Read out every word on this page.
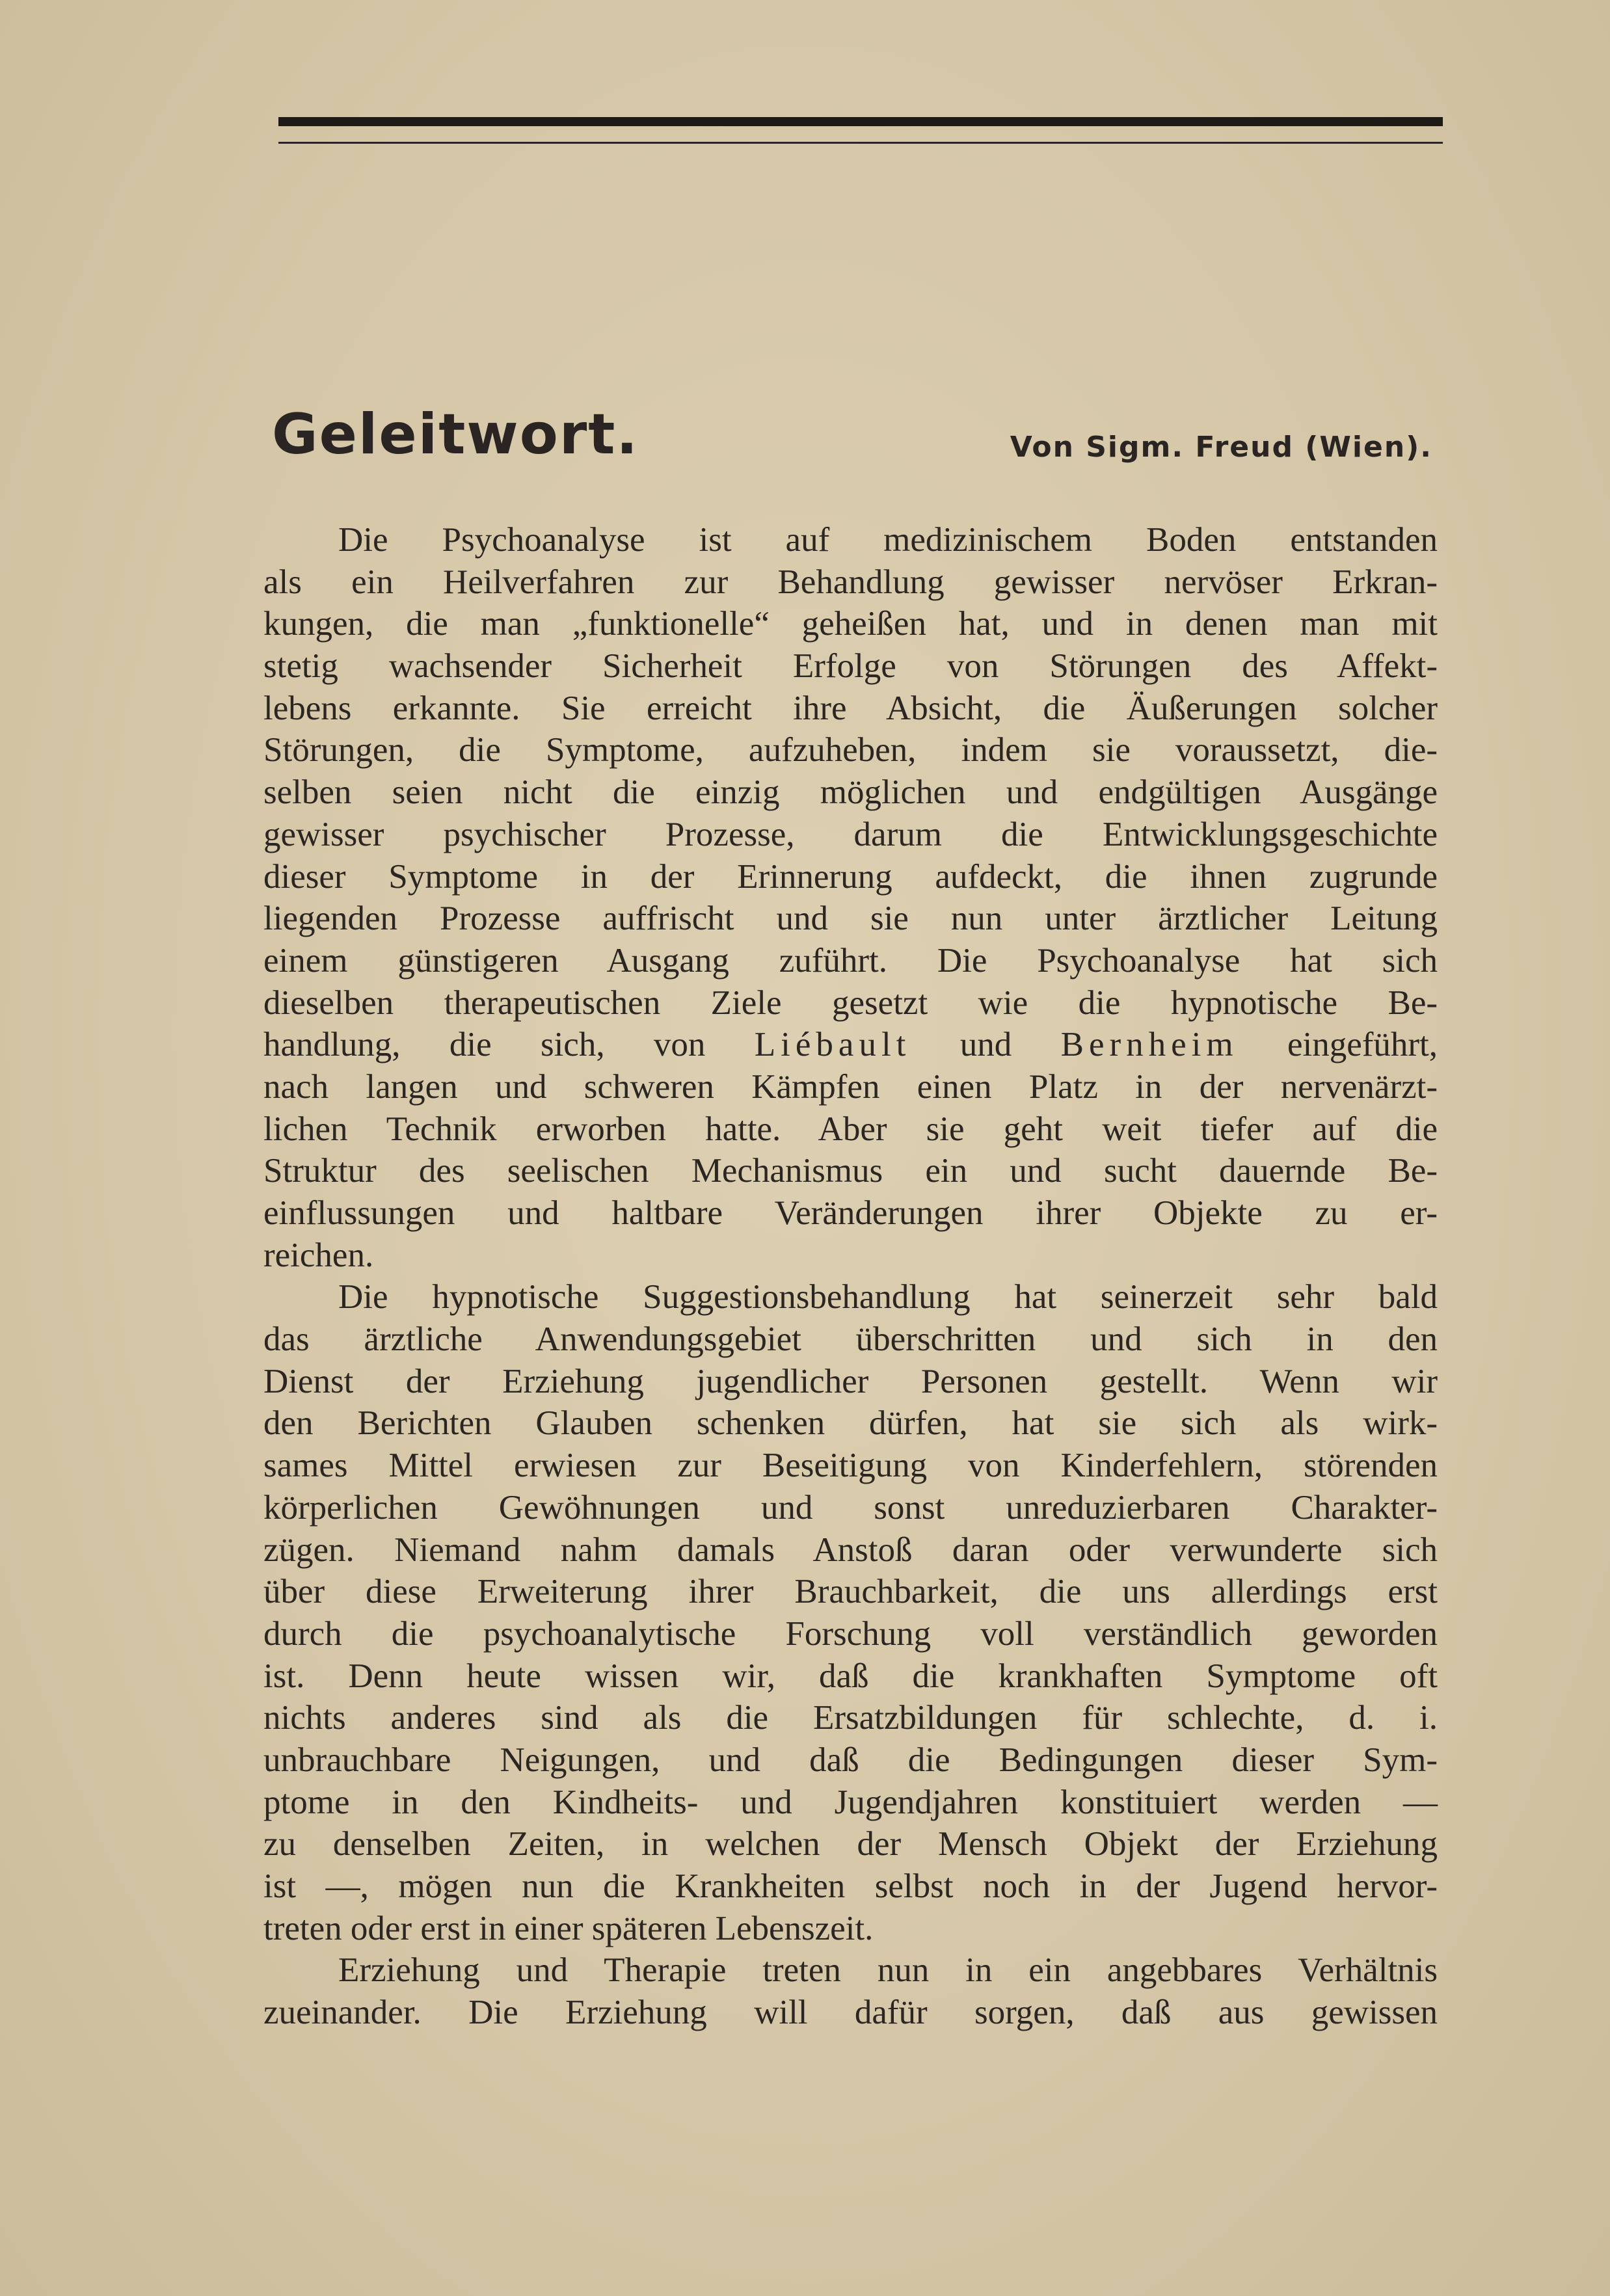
Geleitwort.	Von Sigm. Freud (Wien).
Die Psychoanalyse ist auf medizinischem Boden entstanden
als ein Heilverfahren zur Behandlung gewisser nervöser Erkran-
kungen, die man „funktionelle“ geheißen hat, und in denen man mit
stetig wachsender Sicherheit Erfolge von Störungen des Affekt-
lebens erkannte. Sie erreicht ihre Absicht, die Äußerungen solcher
Störungen, die Symptome, aufzuheben, indem sie voraussetzt, die-
selben seien nicht die einzig möglichen und endgültigen Ausgänge
gewisser psychischer Prozesse, darum die Entwicklungsgeschichte
dieser Symptome in der Erinnerung aufdeckt, die ihnen zugrunde
liegenden Prozesse auffrischt und sie nun unter ärztlicher Leitung
einem günstigeren Ausgang zuführt. Die Psychoanalyse hat sich
dieselben therapeutischen Ziele gesetzt wie die hypnotische Be-
handlung, die sich, von Liébault und Bernheim eingeführt,
nach langen und schweren Kämpfen einen Platz in der nervenärzt-
lichen Technik erworben hatte. Aber sie geht weit tiefer auf die
Struktur des seelischen Mechanismus ein und sucht dauernde Be-
einflussungen und haltbare Veränderungen ihrer Objekte zu er-
reichen.
Die hypnotische Suggestionsbehandlung hat seinerzeit sehr bald
das ärztliche Anwendungsgebiet überschritten und sich in den
Dienst der Erziehung jugendlicher Personen gestellt. Wenn wir
den Berichten Glauben schenken dürfen, hat sie sich als wirk-
sames Mittel erwiesen zur Beseitigung von Kinderfehlern, störenden
körperlichen Gewöhnungen und sonst unreduzierbaren Charakter-
zügen. Niemand nahm damals Anstoß daran oder verwunderte sich
über diese Erweiterung ihrer Brauchbarkeit, die uns allerdings erst
durch die psychoanalytische Forschung voll verständlich geworden
ist. Denn heute wissen wir, daß die krankhaften Symptome oft
nichts anderes sind als die Ersatzbildungen für schlechte, d. i.
unbrauchbare Neigungen, und daß die Bedingungen dieser Sym-
ptome in den Kindheits- und Jugendjahren konstituiert werden —
zu denselben Zeiten, in welchen der Mensch Objekt der Erziehung
ist —, mögen nun die Krankheiten selbst noch in der Jugend hervor-
treten oder erst in einer späteren Lebenszeit.
Erziehung und Therapie treten nun in ein angebbares Verhältnis
zueinander. Die Erziehung will dafür sorgen, daß aus gewissen
